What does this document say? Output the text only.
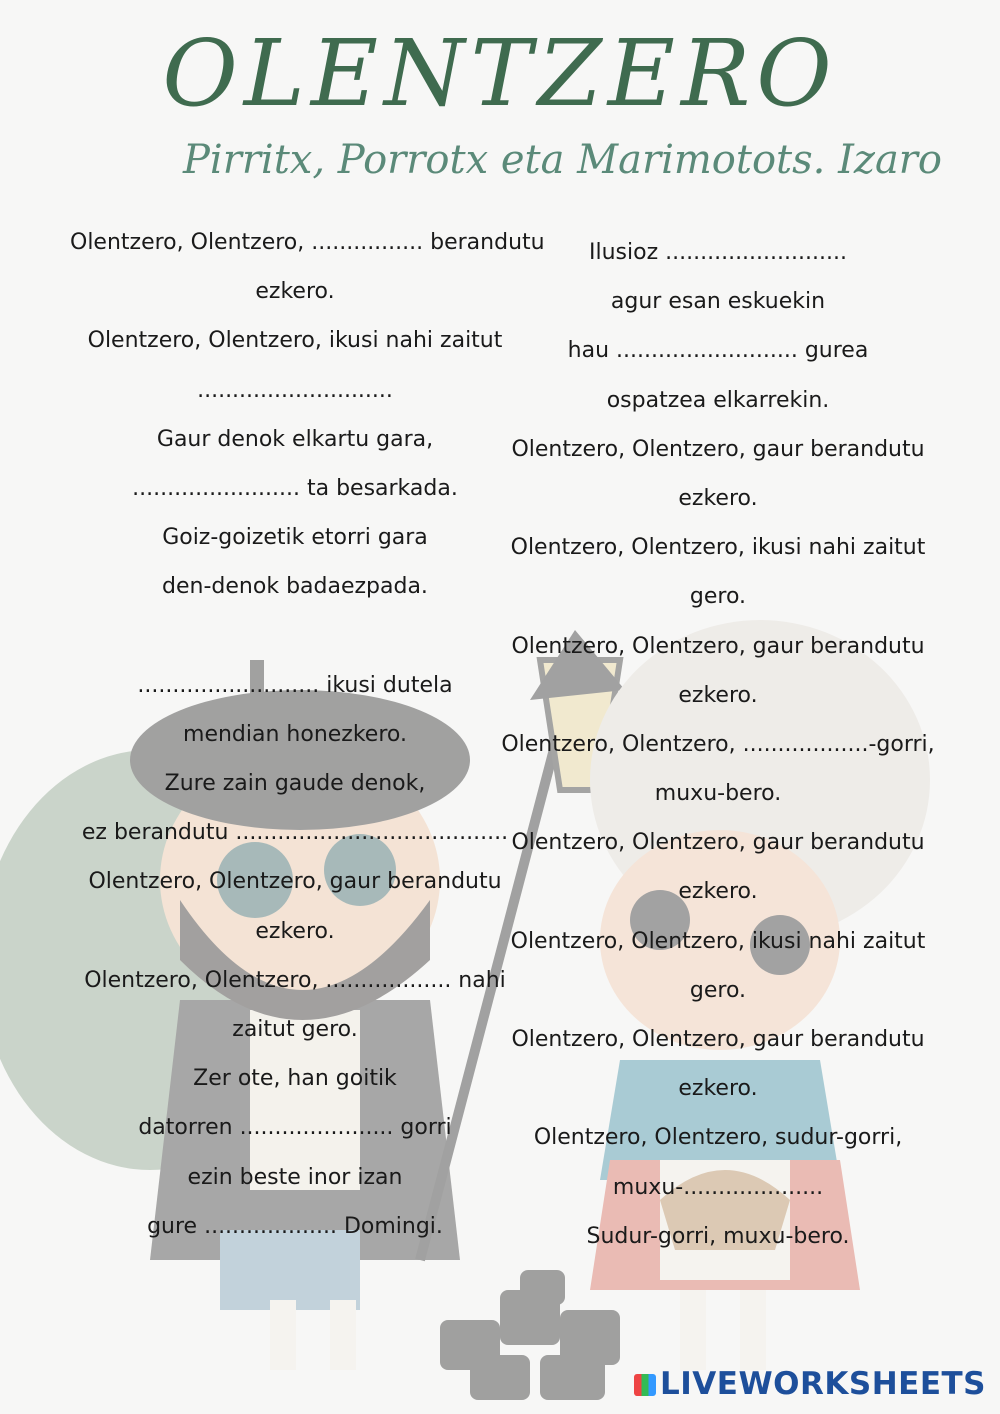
OLENTZERO
Pirritx, Porrotx eta Marimotots. Izaro
Olentzero, Olentzero, ................ berandutu
ezkero.
Olentzero, Olentzero, ikusi nahi zaitut
............................
Gaur denok elkartu gara,
........................ ta besarkada.
Goiz-goizetik etorri gara
den-denok badaezpada.
.......................... ikusi dutela
mendian honezkero.
Zure zain gaude denok,
ez berandutu .......................................
Olentzero, Olentzero, gaur berandutu
ezkero.
Olentzero, Olentzero, .................. nahi
zaitut gero.
Zer ote, han goitik
datorren ...................... gorri
ezin beste inor izan
gure ................... Domingi.
Ilusioz ..........................
agur esan eskuekin
hau .......................... gurea
ospatzea elkarrekin.
Olentzero, Olentzero, gaur berandutu
ezkero.
Olentzero, Olentzero, ikusi nahi zaitut
gero.
Olentzero, Olentzero, gaur berandutu
ezkero.
Olentzero, Olentzero, ..................-gorri,
muxu-bero.
Olentzero, Olentzero, gaur berandutu
ezkero.
Olentzero, Olentzero, ikusi nahi zaitut
gero.
Olentzero, Olentzero, gaur berandutu
ezkero.
Olentzero, Olentzero, sudur-gorri,
muxu-....................
Sudur-gorri, muxu-bero.
LIVEWORKSHEETS
